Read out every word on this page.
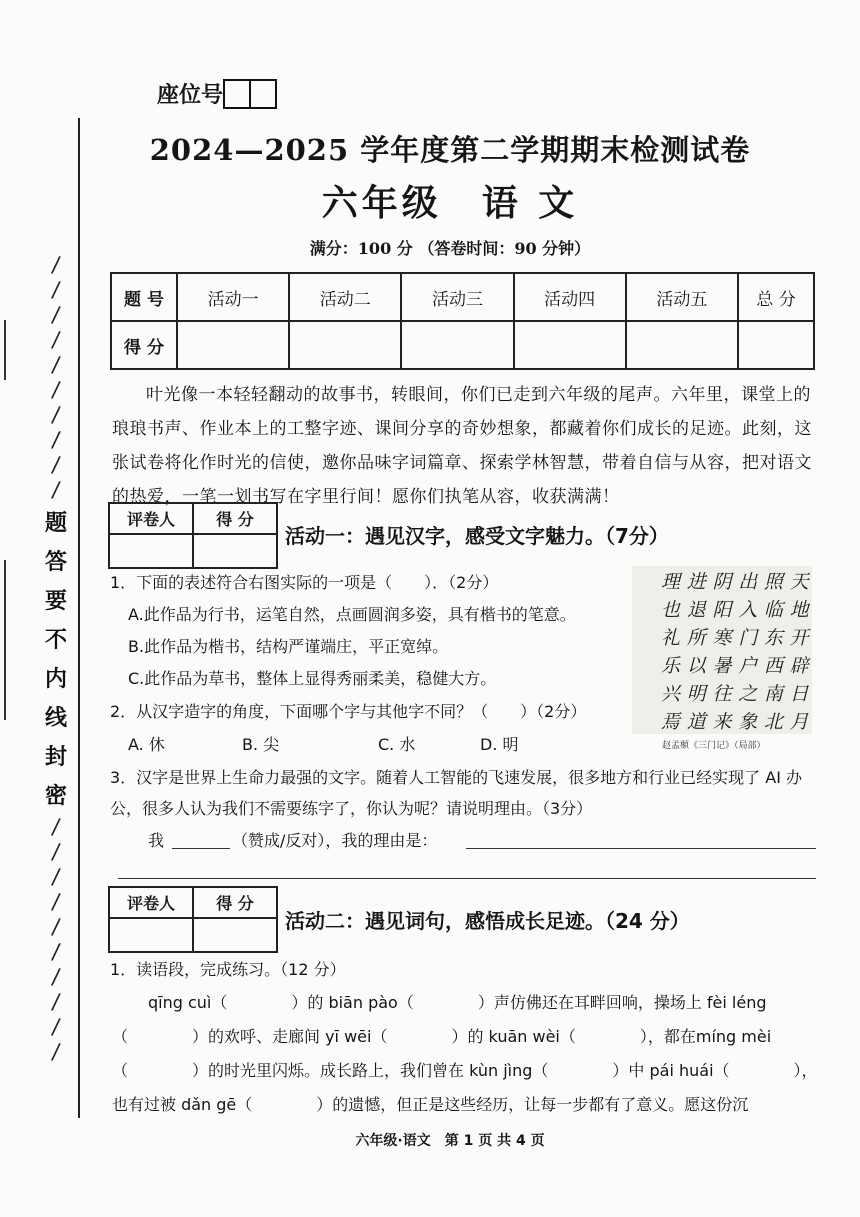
/
/
/
/
/
/
/
/
/
/
题
答
要
不
内
线
封
密
/
/
/
/
/
/
/
/
/
/
座位号
2024—2025 学年度第二学期期末检测试卷
六年级　语 文
满分：100 分 （答卷时间：90 分钟）
题 号	活动一	活动二	活动三	活动四	活动五	总 分
得 分						
叶光像一本轻轻翻动的故事书，转眼间，你们已走到六年级的尾声。六年里，课堂上的琅琅书声、作业本上的工整字迹、课间分享的奇妙想象，都藏着你们成长的足迹。此刻，这张试卷将化作时光的信使，邀你品味字词篇章、探索学林智慧，带着自信与从容，把对语文的热爱，一笔一划书写在字里行间！愿你们执笔从容，收获满满！
评卷人	得 分

活动一：遇见汉字，感受文字魅力。（7分）
1．下面的表述符合右图实际的一项是（　　）．（2分）
A.此作品为行书，运笔自然，点画圆润多姿，具有楷书的笔意。
B.此作品为楷书，结构严谨端庄，平正宽绰。
C.此作品为草书，整体上显得秀丽柔美，稳健大方。
2．从汉字造字的角度，下面哪个字与其他字不同？（　　）（2分）
A. 休	B. 尖	C. 水	D. 明
理 进 阴 出 照 天
也 退 阳 入 临 地
礼 所 寒 门 东 开
乐 以 暑 户 西 辟
兴 明 往 之 南 日
焉 道 来 象 北 月
赵孟頫《三门记》（局部）
3．汉字是世界上生命力最强的文字。随着人工智能的飞速发展，很多地方和行业已经实现了 AI 办公，很多人认为我们不需要练字了，你认为呢？请说明理由。（3分）
我	（赞成/反对），我的理由是：
评卷人	得 分

活动二：遇见词句，感悟成长足迹。（24 分）
1．读语段，完成练习。（12 分）
qīng cuì（　　　　）的 biān pào（　　　　）声仿佛还在耳畔回响，操场上 fèi léng
（　　　　）的欢呼、走廊间 yī wēi（　　　　）的 kuān wèi（　　　　），都在míng mèi
（　　　　）的时光里闪烁。成长路上，我们曾在 kùn jìng（　　　　）中 pái huái（　　　　），
也有过被 dǎn gē（　　　　）的遗憾，但正是这些经历，让每一步都有了意义。愿这份沉
六年级·语文　第 1 页 共 4 页
